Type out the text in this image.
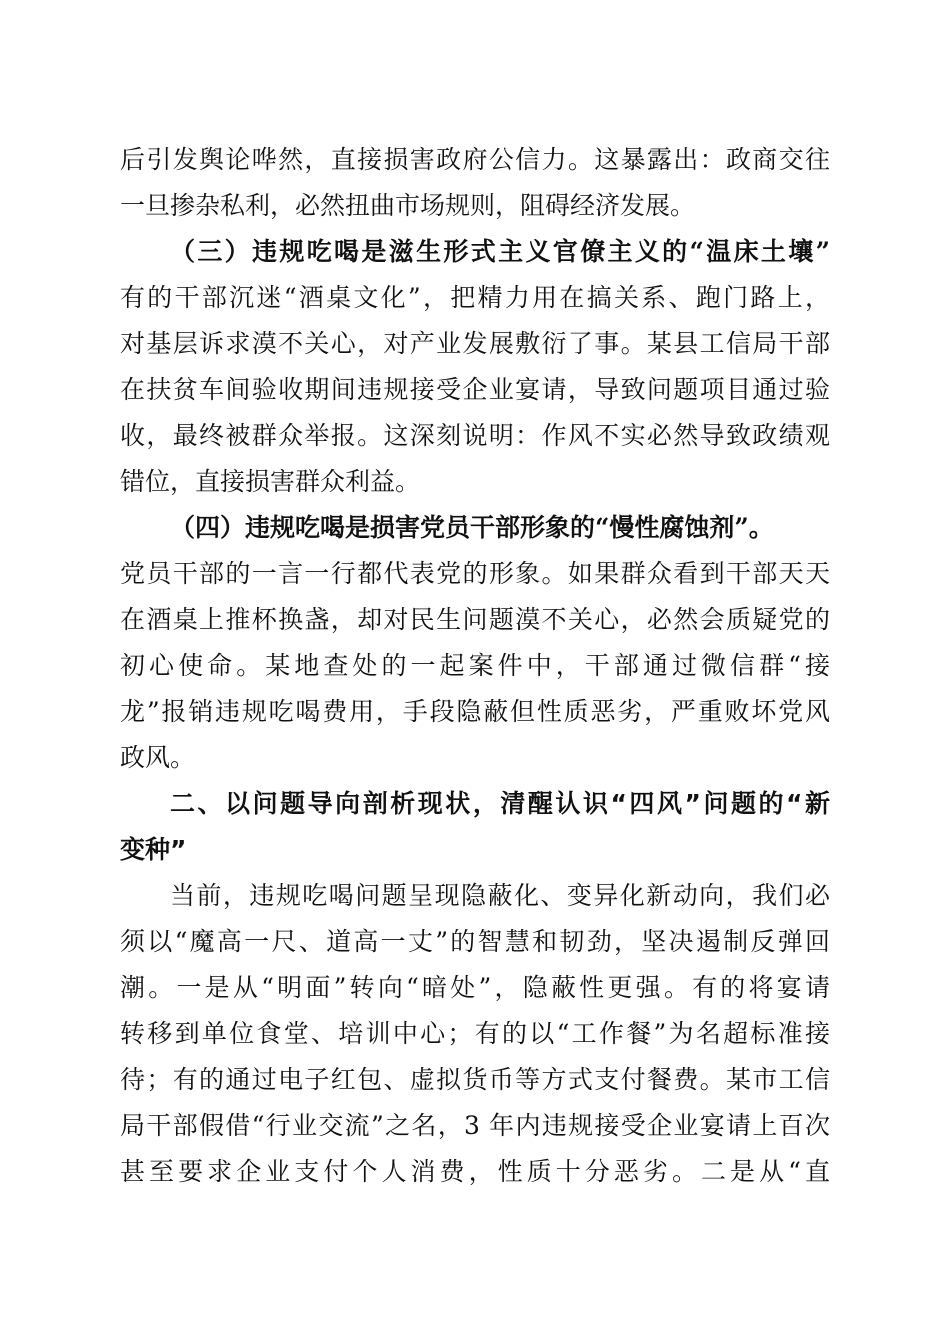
后引发舆论哗然，直接损害政府公信力。这暴露出：政商交往
一旦掺杂私利，必然扭曲市场规则，阻碍经济发展。
（三）违规吃喝是滋生形式主义官僚主义的“温床土壤”
有的干部沉迷“酒桌文化”，把精力用在搞关系、跑门路上，
对基层诉求漠不关心，对产业发展敷衍了事。某县工信局干部
在扶贫车间验收期间违规接受企业宴请，导致问题项目通过验
收，最终被群众举报。这深刻说明：作风不实必然导致政绩观
错位，直接损害群众利益。
（四）违规吃喝是损害党员干部形象的“慢性腐蚀剂”。
党员干部的一言一行都代表党的形象。如果群众看到干部天天
在酒桌上推杯换盏，却对民生问题漠不关心，必然会质疑党的
初心使命。某地查处的一起案件中，干部通过微信群“接
龙”报销违规吃喝费用，手段隐蔽但性质恶劣，严重败坏党风
政风。
二、以问题导向剖析现状，清醒认识“四风”问题的“新
变种”
当前，违规吃喝问题呈现隐蔽化、变异化新动向，我们必
须以“魔高一尺、道高一丈”的智慧和韧劲，坚决遏制反弹回
潮。一是从“明面”转向“暗处”，隐蔽性更强。有的将宴请
转移到单位食堂、培训中心；有的以“工作餐”为名超标准接
待；有的通过电子红包、虚拟货币等方式支付餐费。某市工信
局干部假借“行业交流”之名，3 年内违规接受企业宴请上百次
甚至要求企业支付个人消费，性质十分恶劣。二是从“直
